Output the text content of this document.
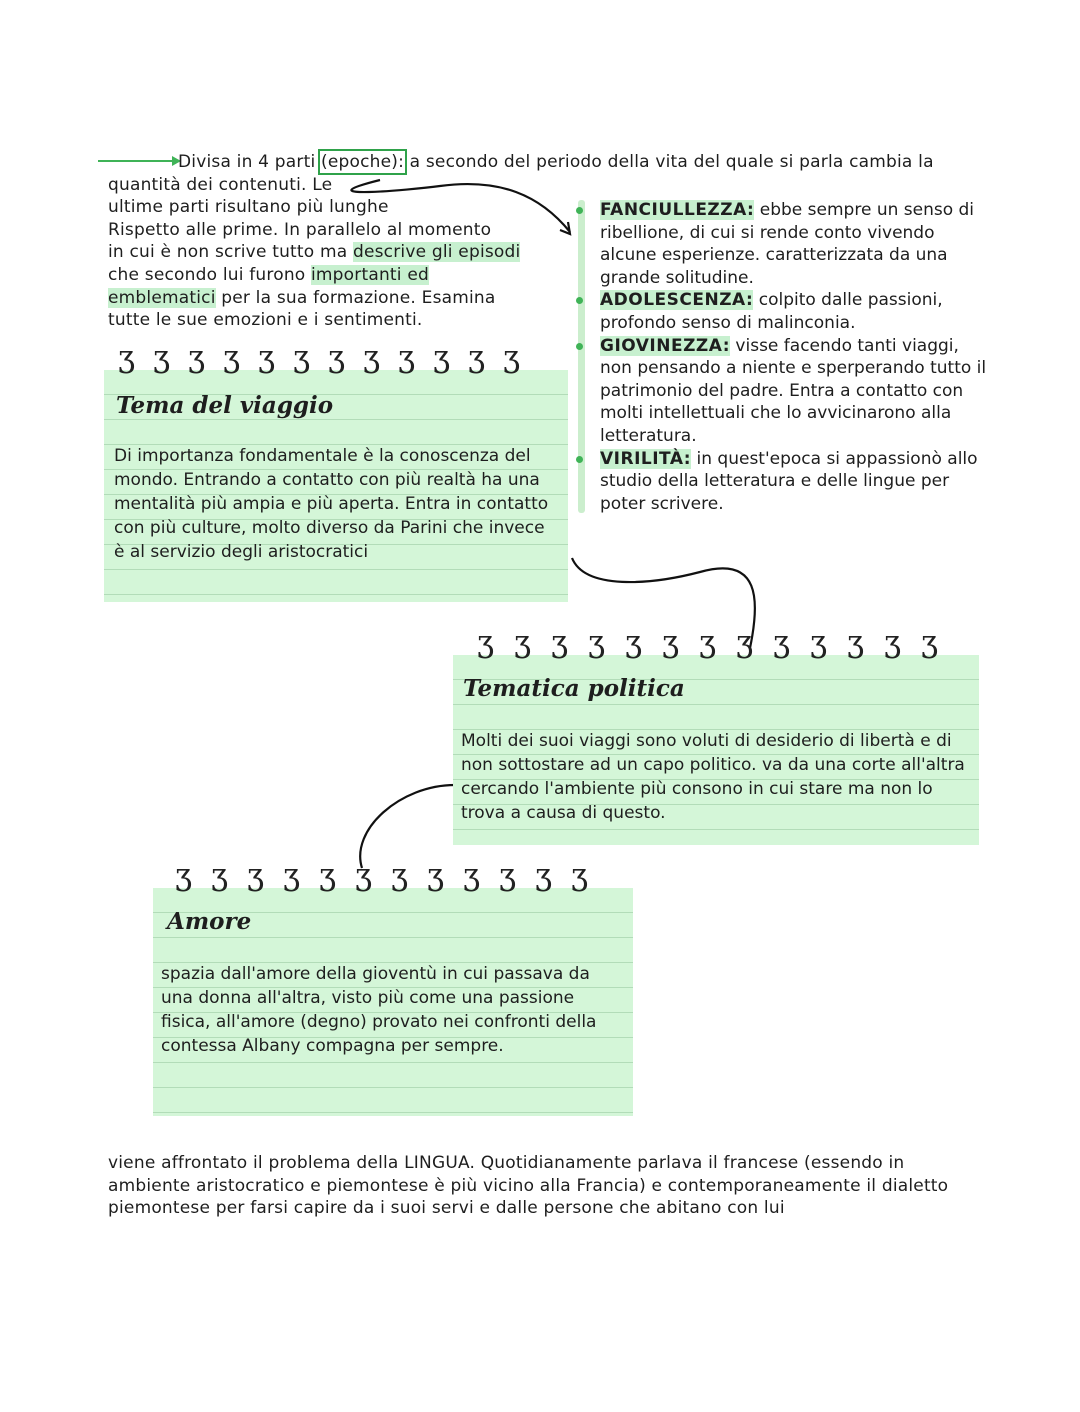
Divisa in 4 parti (epoche): a secondo del periodo della vita del quale si parla cambia la
quantità dei contenuti. Le
ultime parti risultano più lunghe
Rispetto alle prime. In parallelo al momento
in cui è non scrive tutto ma descrive gli episodi
che secondo lui furono importanti ed
emblematici per la sua formazione. Esamina
tutte le sue emozioni e i sentimenti.
FANCIULLEZZA: ebbe sempre un senso di ribellione, di cui si rende conto vivendo alcune esperienze. caratterizzata da una grande solitudine.
ADOLESCENZA: colpito dalle passioni, profondo senso di malinconia.
GIOVINEZZA: visse facendo tanti viaggi, non pensando a niente e sperperando tutto il patrimonio del padre. Entra a contatto con molti intellettuali che lo avvicinarono alla letteratura.
VIRILITÀ: in quest'epoca si appassionò allo studio della letteratura e delle lingue per poter scrivere.
ʒ ʒ ʒ ʒ ʒ ʒ ʒ ʒ ʒ ʒ ʒ ʒ
Tema del viaggio
Di importanza fondamentale è la conoscenza del mondo. Entrando a contatto con più realtà ha una mentalità più ampia e più aperta. Entra in contatto con più culture, molto diverso da Parini che invece è al servizio degli aristocratici
ʒ ʒ ʒ ʒ ʒ ʒ ʒ ʒ ʒ ʒ ʒ ʒ ʒ
Tematica politica
Molti dei suoi viaggi sono voluti di desiderio di libertà e di non sottostare ad un capo politico. va da una corte all'altra cercando l'ambiente più consono in cui stare ma non lo trova a causa di questo.
ʒ ʒ ʒ ʒ ʒ ʒ ʒ ʒ ʒ ʒ ʒ ʒ
Amore
spazia dall'amore della gioventù in cui passava da una donna all'altra, visto più come una passione fisica, all'amore (degno) provato nei confronti della contessa Albany compagna per sempre.
viene affrontato il problema della LINGUA. Quotidianamente parlava il francese (essendo in ambiente aristocratico e piemontese è più vicino alla Francia) e contemporaneamente il dialetto piemontese per farsi capire da i suoi servi e dalle persone che abitano con lui
